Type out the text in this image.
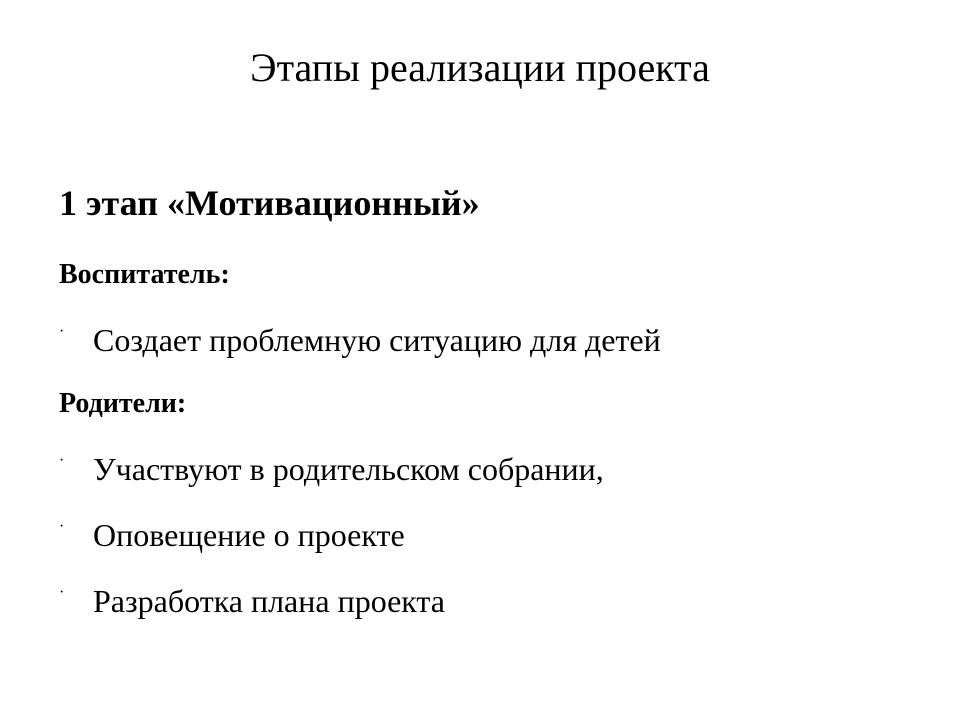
Этапы реализации проекта
1 этап «Мотивационный»
Воспитатель:
· Создает проблемную ситуацию для детей
Родители:
· Участвуют в родительском собрании,
· Оповещение о проекте
· Разработка плана проекта
